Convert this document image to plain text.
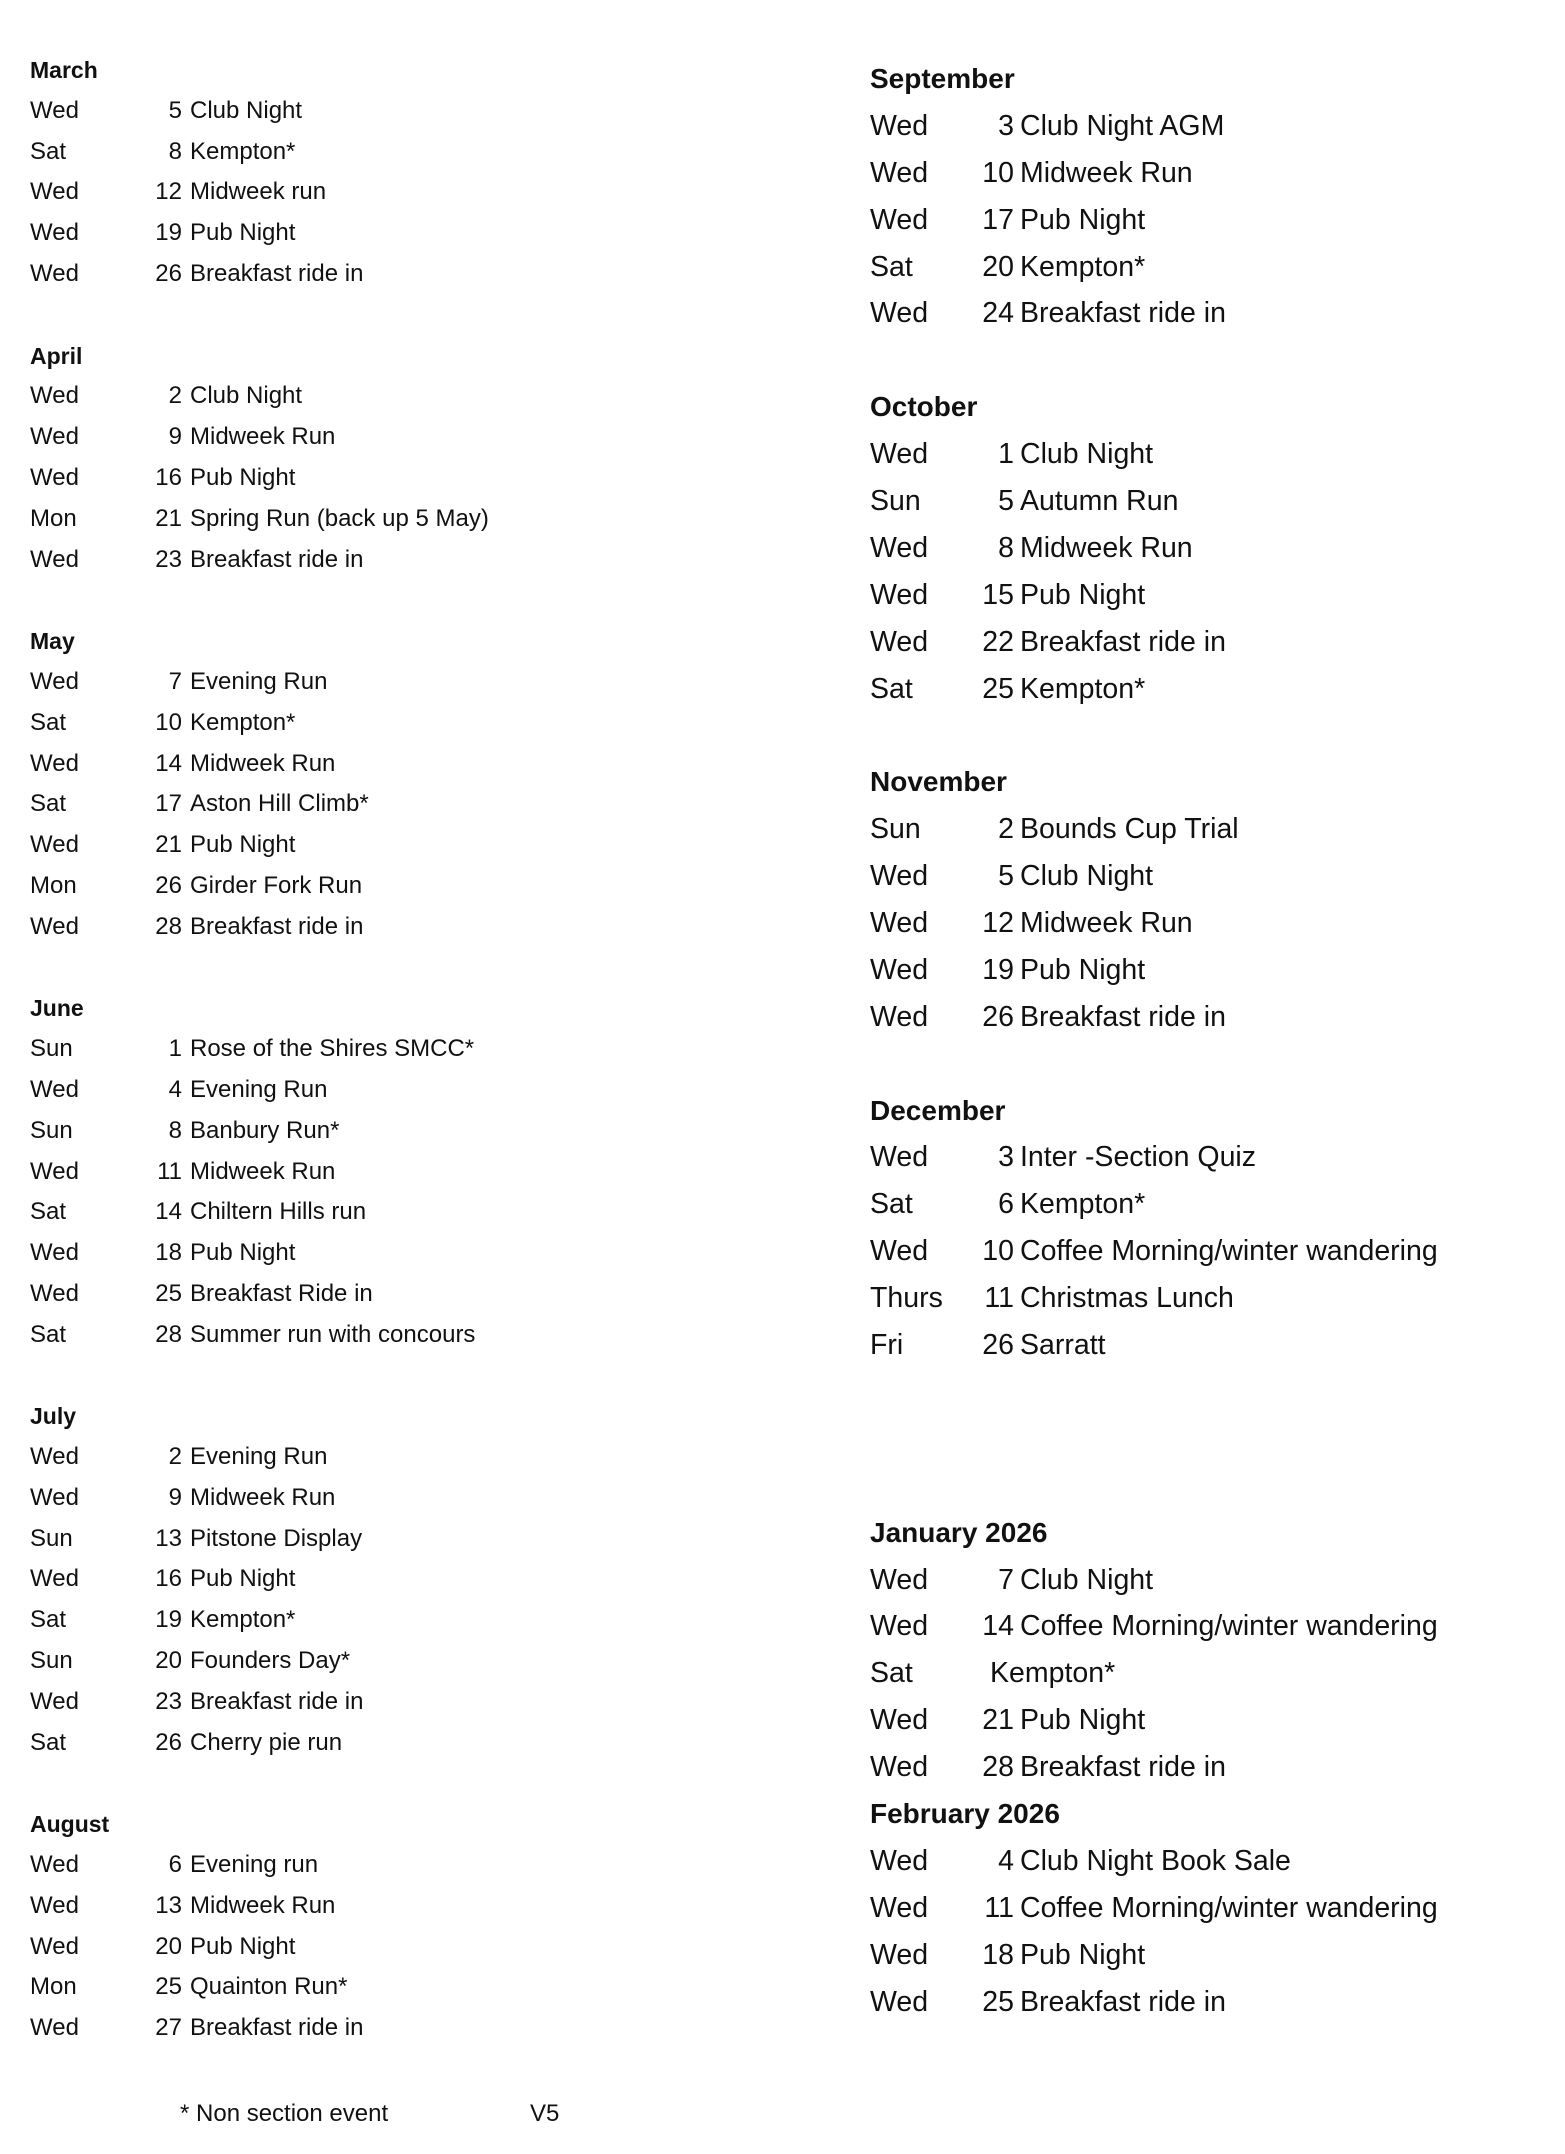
March
Wed	5 Club Night
Sat	8 Kempton*
Wed	12 Midweek run
Wed	19 Pub Night
Wed	26 Breakfast ride in
April
Wed	2 Club Night
Wed	9 Midweek Run
Wed	16 Pub Night
Mon	21 Spring Run (back up 5 May)
Wed	23 Breakfast ride in
May
Wed	7 Evening Run
Sat	10 Kempton*
Wed	14 Midweek Run
Sat	17 Aston Hill Climb*
Wed	21 Pub Night
Mon	26 Girder Fork Run
Wed	28 Breakfast ride in
June
Sun	1 Rose of the Shires SMCC*
Wed	4 Evening Run
Sun	8 Banbury Run*
Wed	11 Midweek Run
Sat	14 Chiltern Hills run
Wed	18 Pub Night
Wed	25 Breakfast Ride in
Sat	28 Summer run with concours
July
Wed	2 Evening Run
Wed	9 Midweek Run
Sun	13 Pitstone Display
Wed	16 Pub Night
Sat	19 Kempton*
Sun	20 Founders Day*
Wed	23 Breakfast ride in
Sat	26 Cherry pie run
August
Wed	6 Evening run
Wed	13 Midweek Run
Wed	20 Pub Night
Mon	25 Quainton Run*
Wed	27 Breakfast ride in
September
Wed	3 Club Night AGM
Wed	10 Midweek Run
Wed	17 Pub Night
Sat	20 Kempton*
Wed	24 Breakfast ride in
October
Wed	1 Club Night
Sun	5 Autumn Run
Wed	8 Midweek Run
Wed	15 Pub Night
Wed	22 Breakfast ride in
Sat	25 Kempton*
November
Sun	2 Bounds Cup Trial
Wed	5 Club Night
Wed	12 Midweek Run
Wed	19 Pub Night
Wed	26 Breakfast ride in
December
Wed	3 Inter -Section Quiz
Sat	6 Kempton*
Wed	10 Coffee Morning/winter wandering
Thurs	11 Christmas Lunch
Fri	26 Sarratt
January 2026
Wed	7 Club Night
Wed	14 Coffee Morning/winter wandering
Sat	Kempton*
Wed	21 Pub Night
Wed	28 Breakfast ride in
February 2026
Wed	4 Club Night Book Sale
Wed	11 Coffee Morning/winter wandering
Wed	18 Pub Night
Wed	25 Breakfast ride in
* Non section event	V5
